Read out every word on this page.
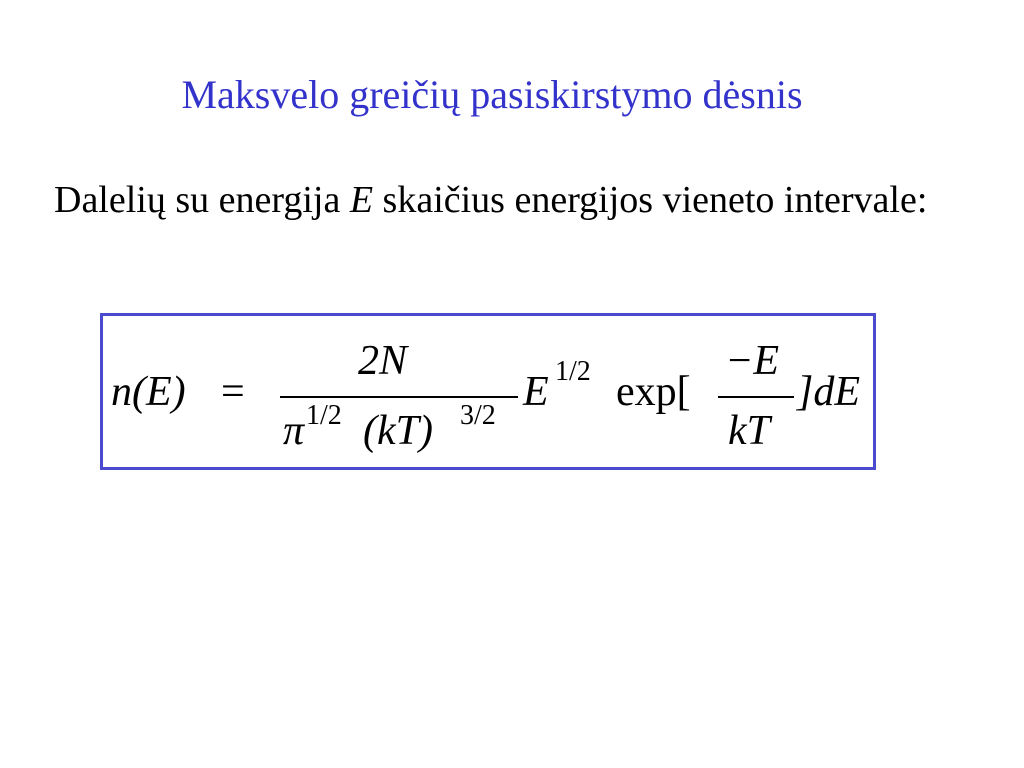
Maksvelo greičių pasiskirstymo dėsnis
Dalelių su energija E skaičius energijos vieneto intervale:
n(E) =
2N
π 1/2 (kT) 3/2
E 1/2 exp[
−E
kT
]dE
